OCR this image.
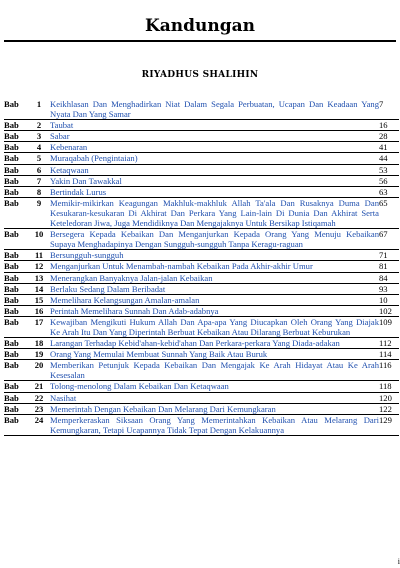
Kandungan
RIYADHUS SHALIHIN
Bab	1	Keikhlasan Dan Menghadirkan Niat Dalam Segala Perbuatan, Ucapan Dan Keadaan Yang Nyata Dan Yang Samar	7
Bab	2	Taubat	16
Bab	3	Sabar	28
Bab	4	Kebenaran	41
Bab	5	Muraqabah (Pengintaian)	44
Bab	6	Ketaqwaan	53
Bab	7	Yakin Dan Tawakkal	56
Bab	8	Bertindak Lurus	63
Bab	9	Memikir-mikirkan Keagungan Makhluk-makhluk Allah Ta'ala Dan Rusaknya Duma Dan Kesukaran-kesukaran Di Akhirat Dan Perkara Yang Lain-lain Di Dunia Dan Akhirat Serta Keteledoran Jiwa, Juga Mendidiknya Dan Mengajaknya Untuk Bersikap Istiqamah	65
Bab	10	Bersegera Kepada Kebaikan Dan Menganjurkan Kepada Orang Yang Menuju Kebaikan Supaya Menghadapinya Dengan Sungguh-sungguh Tanpa Keragu-raguan	67
Bab	11	Bersungguh-sungguh	71
Bab	12	Menganjurkan Untuk Menambah-nambah Kebaikan Pada Akhir-akhir Umur	81
Bab	13	Menerangkan Banyaknya Jalan-jalan Kebaikan	84
Bab	14	Berlaku Sedang Dalam Beribadat	93
Bab	15	Memelihara Kelangsungan Amalan-amalan	10
Bab	16	Perintah Memelihara Sunnah Dan Adab-adabnya	102
Bab	17	Kewajiban Mengikuti Hukum Allah Dan Apa-apa Yang Diucapkan Oleh Orang Yang Diajak Ke Arah Itu Dan Yang Diperintah Berbuat Kebaikan Atau Dilarang Berbuat Keburukan	109
Bab	18	Larangan Terhadap Kebid'ahan-kebid'ahan Dan Perkara-perkara Yang Diada-adakan	112
Bab	19	Orang Yang Memulai Membuat Sunnah Yang Baik Atau Buruk	114
Bab	20	Memberikan Petunjuk Kepada Kebaikan Dan Mengajak Ke Arah Hidayat Atau Ke Arah Kesesalan	116
Bab	21	Tolong-menolong Dalam Kebaikan Dan Ketaqwaan	118
Bab	22	Nasihat	120
Bab	23	Memerintah Dengan Kebaikan Dan Melarang Dari Kemungkaran	122
Bab	24	Memperkeraskan Siksaan Orang Yang Memerintahkan Kebaikan Atau Melarang Dari Kemungkaran, Tetapi Ucapannya Tidak Tepat Dengan Kelakuannya	129
i
